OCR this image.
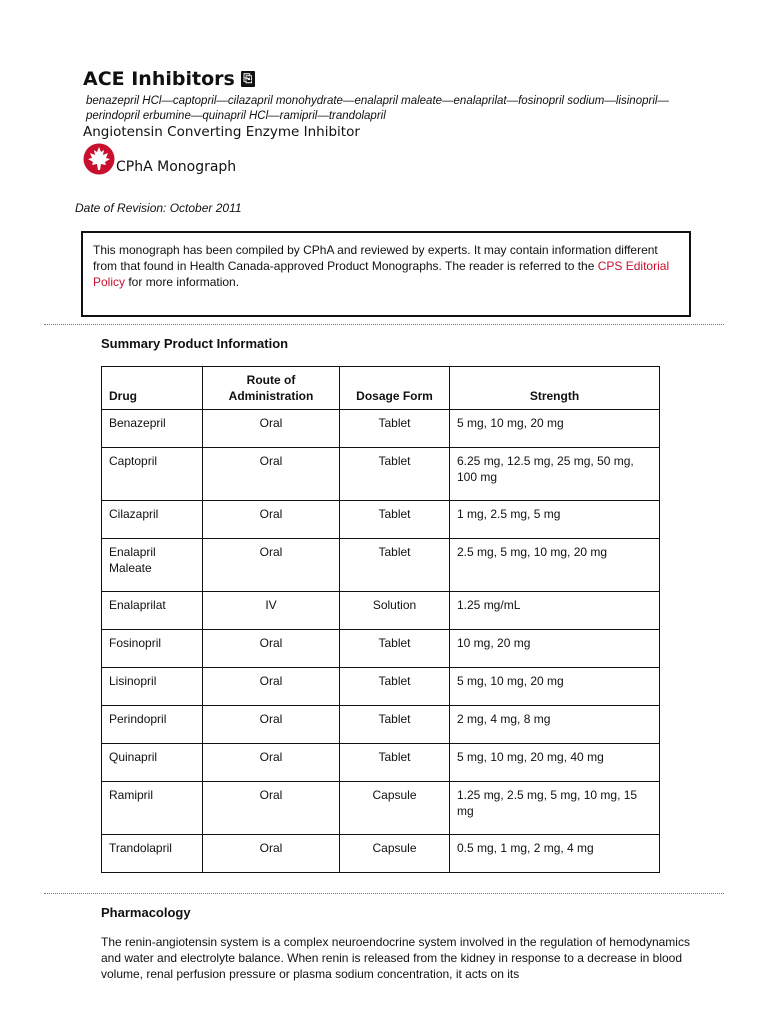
ACE Inhibitors ⎘
benazepril HCl—captopril—cilazapril monohydrate—enalapril maleate—enalaprilat—fosinopril sodium—lisinopril—perindopril erbumine—quinapril HCl—ramipril—trandolapril
Angiotensin Converting Enzyme Inhibitor
CPhA Monograph
Date of Revision: October 2011
This monograph has been compiled by CPhA and reviewed by experts. It may contain information different from that found in Health Canada-approved Product Monographs. The reader is referred to the CPS Editorial Policy for more information.
Summary Product Information
Drug	Route of Administration	Dosage Form	Strength
Benazepril	Oral	Tablet	5 mg, 10 mg, 20 mg
Captopril	Oral	Tablet	6.25 mg, 12.5 mg, 25 mg, 50 mg, 100 mg
Cilazapril	Oral	Tablet	1 mg, 2.5 mg, 5 mg
Enalapril Maleate	Oral	Tablet	2.5 mg, 5 mg, 10 mg, 20 mg
Enalaprilat	IV	Solution	1.25 mg/mL
Fosinopril	Oral	Tablet	10 mg, 20 mg
Lisinopril	Oral	Tablet	5 mg, 10 mg, 20 mg
Perindopril	Oral	Tablet	2 mg, 4 mg, 8 mg
Quinapril	Oral	Tablet	5 mg, 10 mg, 20 mg, 40 mg
Ramipril	Oral	Capsule	1.25 mg, 2.5 mg, 5 mg, 10 mg, 15 mg
Trandolapril	Oral	Capsule	0.5 mg, 1 mg, 2 mg, 4 mg
Pharmacology
The renin-angiotensin system is a complex neuroendocrine system involved in the regulation of hemodynamics and water and electrolyte balance. When renin is released from the kidney in response to a decrease in blood volume, renal perfusion pressure or plasma sodium concentration, it acts on its
